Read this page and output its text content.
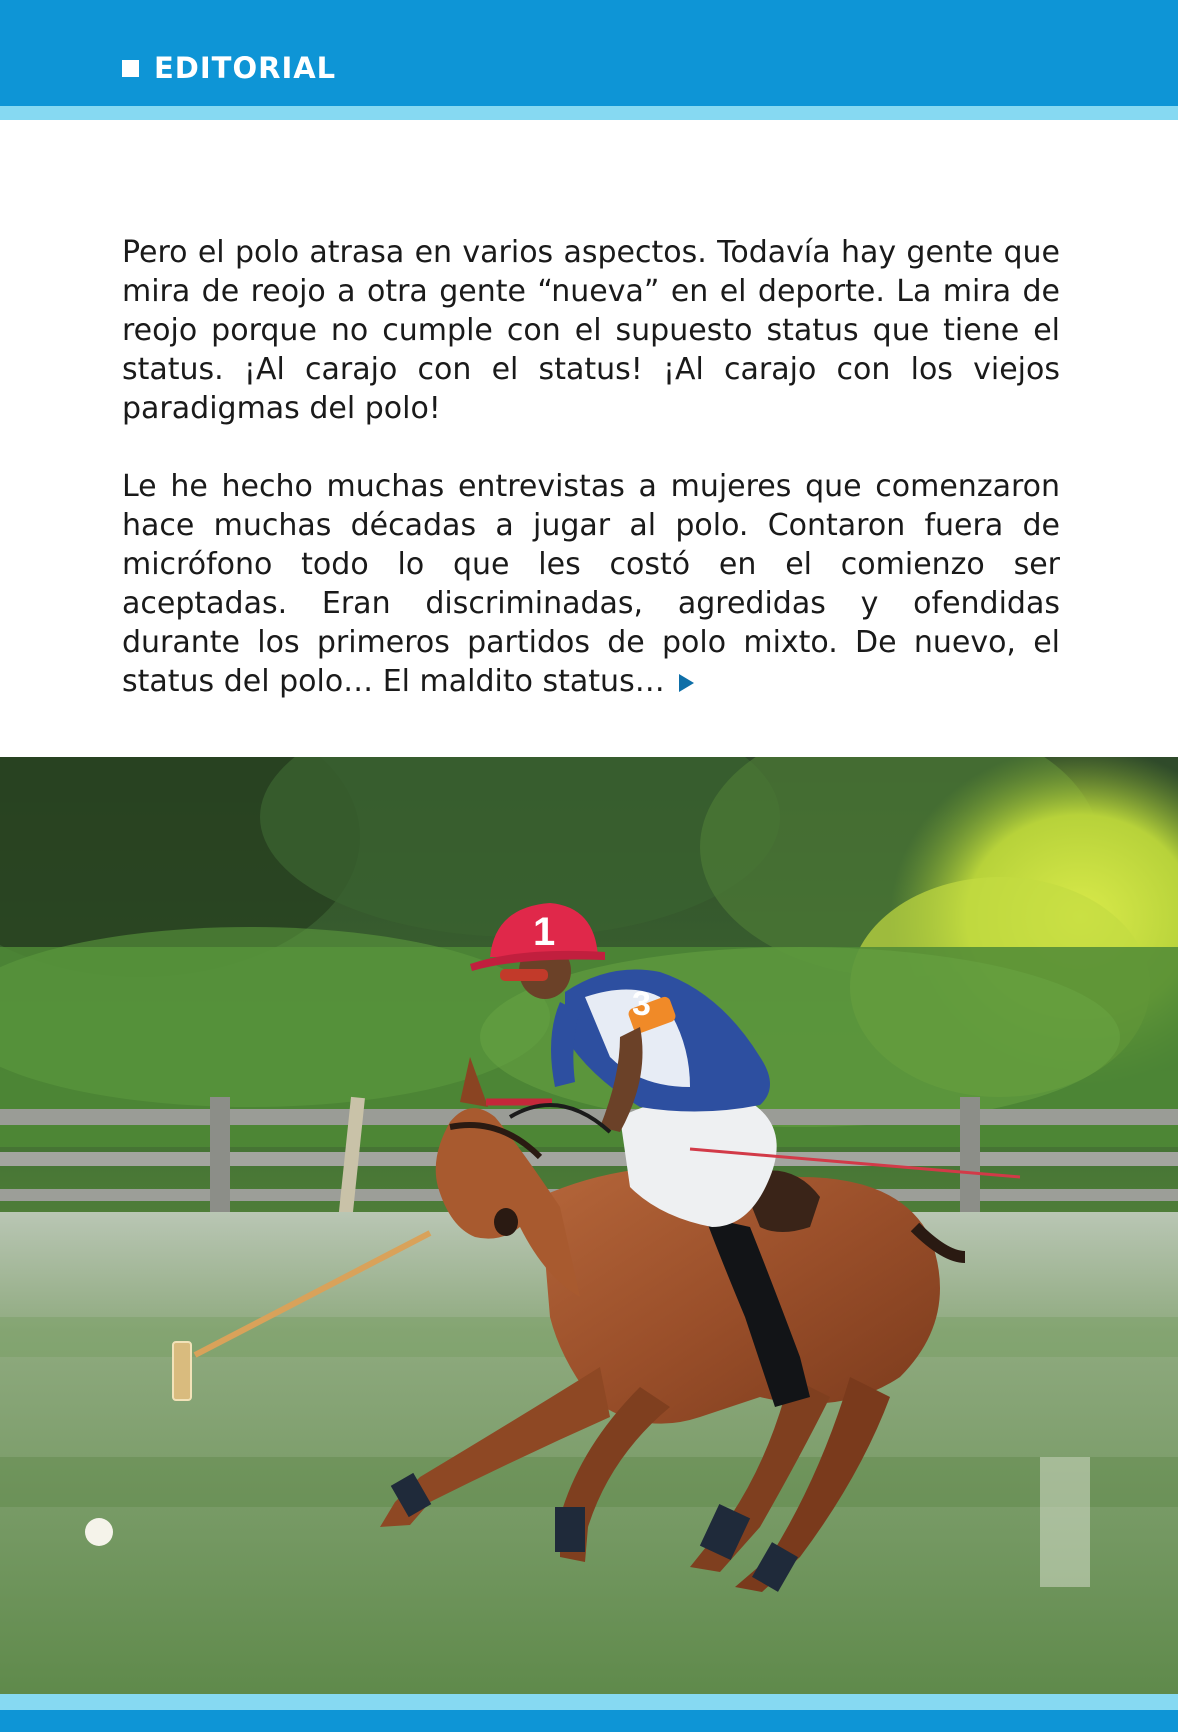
EDITORIAL

Pero el polo atrasa en varios aspectos. Todavía hay gente que mira de reojo a otra gente “nueva” en el deporte. La mira de reojo porque no cumple con el supuesto status que tiene el status. ¡Al carajo con el status! ¡Al carajo con los viejos paradigmas del polo!

Le he hecho muchas entrevistas a mujeres que comenzaron hace muchas décadas a jugar al polo. Contaron fuera de micrófono todo lo que les costó en el comienzo ser aceptadas. Eran discriminadas, agredidas y ofendidas durante los primeros partidos de polo mixto. De nuevo, el status del polo… El maldito status…

3
1
